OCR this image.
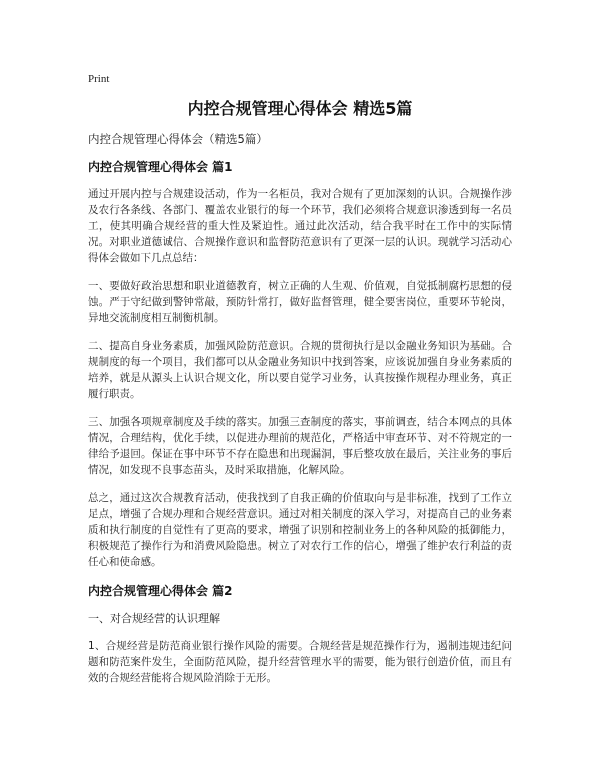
Print
内控合规管理心得体会 精选5篇
内控合规管理心得体会（精选5篇）
内控合规管理心得体会 篇1

通过开展内控与合规建设活动，作为一名柜员，我对合规有了更加深刻的认识。合规操作涉及农行各条线、各部门、覆盖农业银行的每一个环节，我们必须将合规意识渗透到每一名员工，使其明确合规经营的重大性及紧迫性。通过此次活动，结合我平时在工作中的实际情况。对职业道德诚信、合规操作意识和监督防范意识有了更深一层的认识。现就学习活动心得体会做如下几点总结：

一、要做好政治思想和职业道德教育，树立正确的人生观、价值观，自觉抵制腐朽思想的侵蚀。严于守纪做到警钟常敲，预防针常打，做好监督管理，健全要害岗位，重要环节轮岗，异地交流制度相互制衡机制。

二、提高自身业务素质，加强风险防范意识。合规的贯彻执行是以金融业务知识为基础。合规制度的每一个项目，我们都可以从金融业务知识中找到答案，应该说加强自身业务素质的培养，就是从源头上认识合规文化，所以要自觉学习业务，认真按操作规程办理业务，真正履行职责。

三、加强各项规章制度及手续的落实。加强三查制度的落实，事前调查，结合本网点的具体情况，合理结构，优化手续，以促进办理前的规范化，严格适中审查环节、对不符规定的一律给予退回。保证在事中环节不存在隐患和出现漏洞，事后整攻放在最后，关注业务的事后情况，如发现不良事态苗头，及时采取措施，化解风险。

总之，通过这次合规教育活动，使我找到了自我正确的价值取向与是非标准，找到了工作立足点，增强了合规办理和合规经营意识。通过对相关制度的深入学习，对提高自己的业务素质和执行制度的自觉性有了更高的要求，增强了识别和控制业务上的各种风险的抵御能力，积极规范了操作行为和消费风险隐患。树立了对农行工作的信心，增强了维护农行利益的责任心和使命感。

内控合规管理心得体会 篇2
一、对合规经营的认识理解

1、合规经营是防范商业银行操作风险的需要。合规经营是规范操作行为，遏制违规违纪问题和防范案件发生，全面防范风险，提升经营管理水平的需要，能为银行创造价值，而且有效的合规经营能将合规风险消除于无形。
